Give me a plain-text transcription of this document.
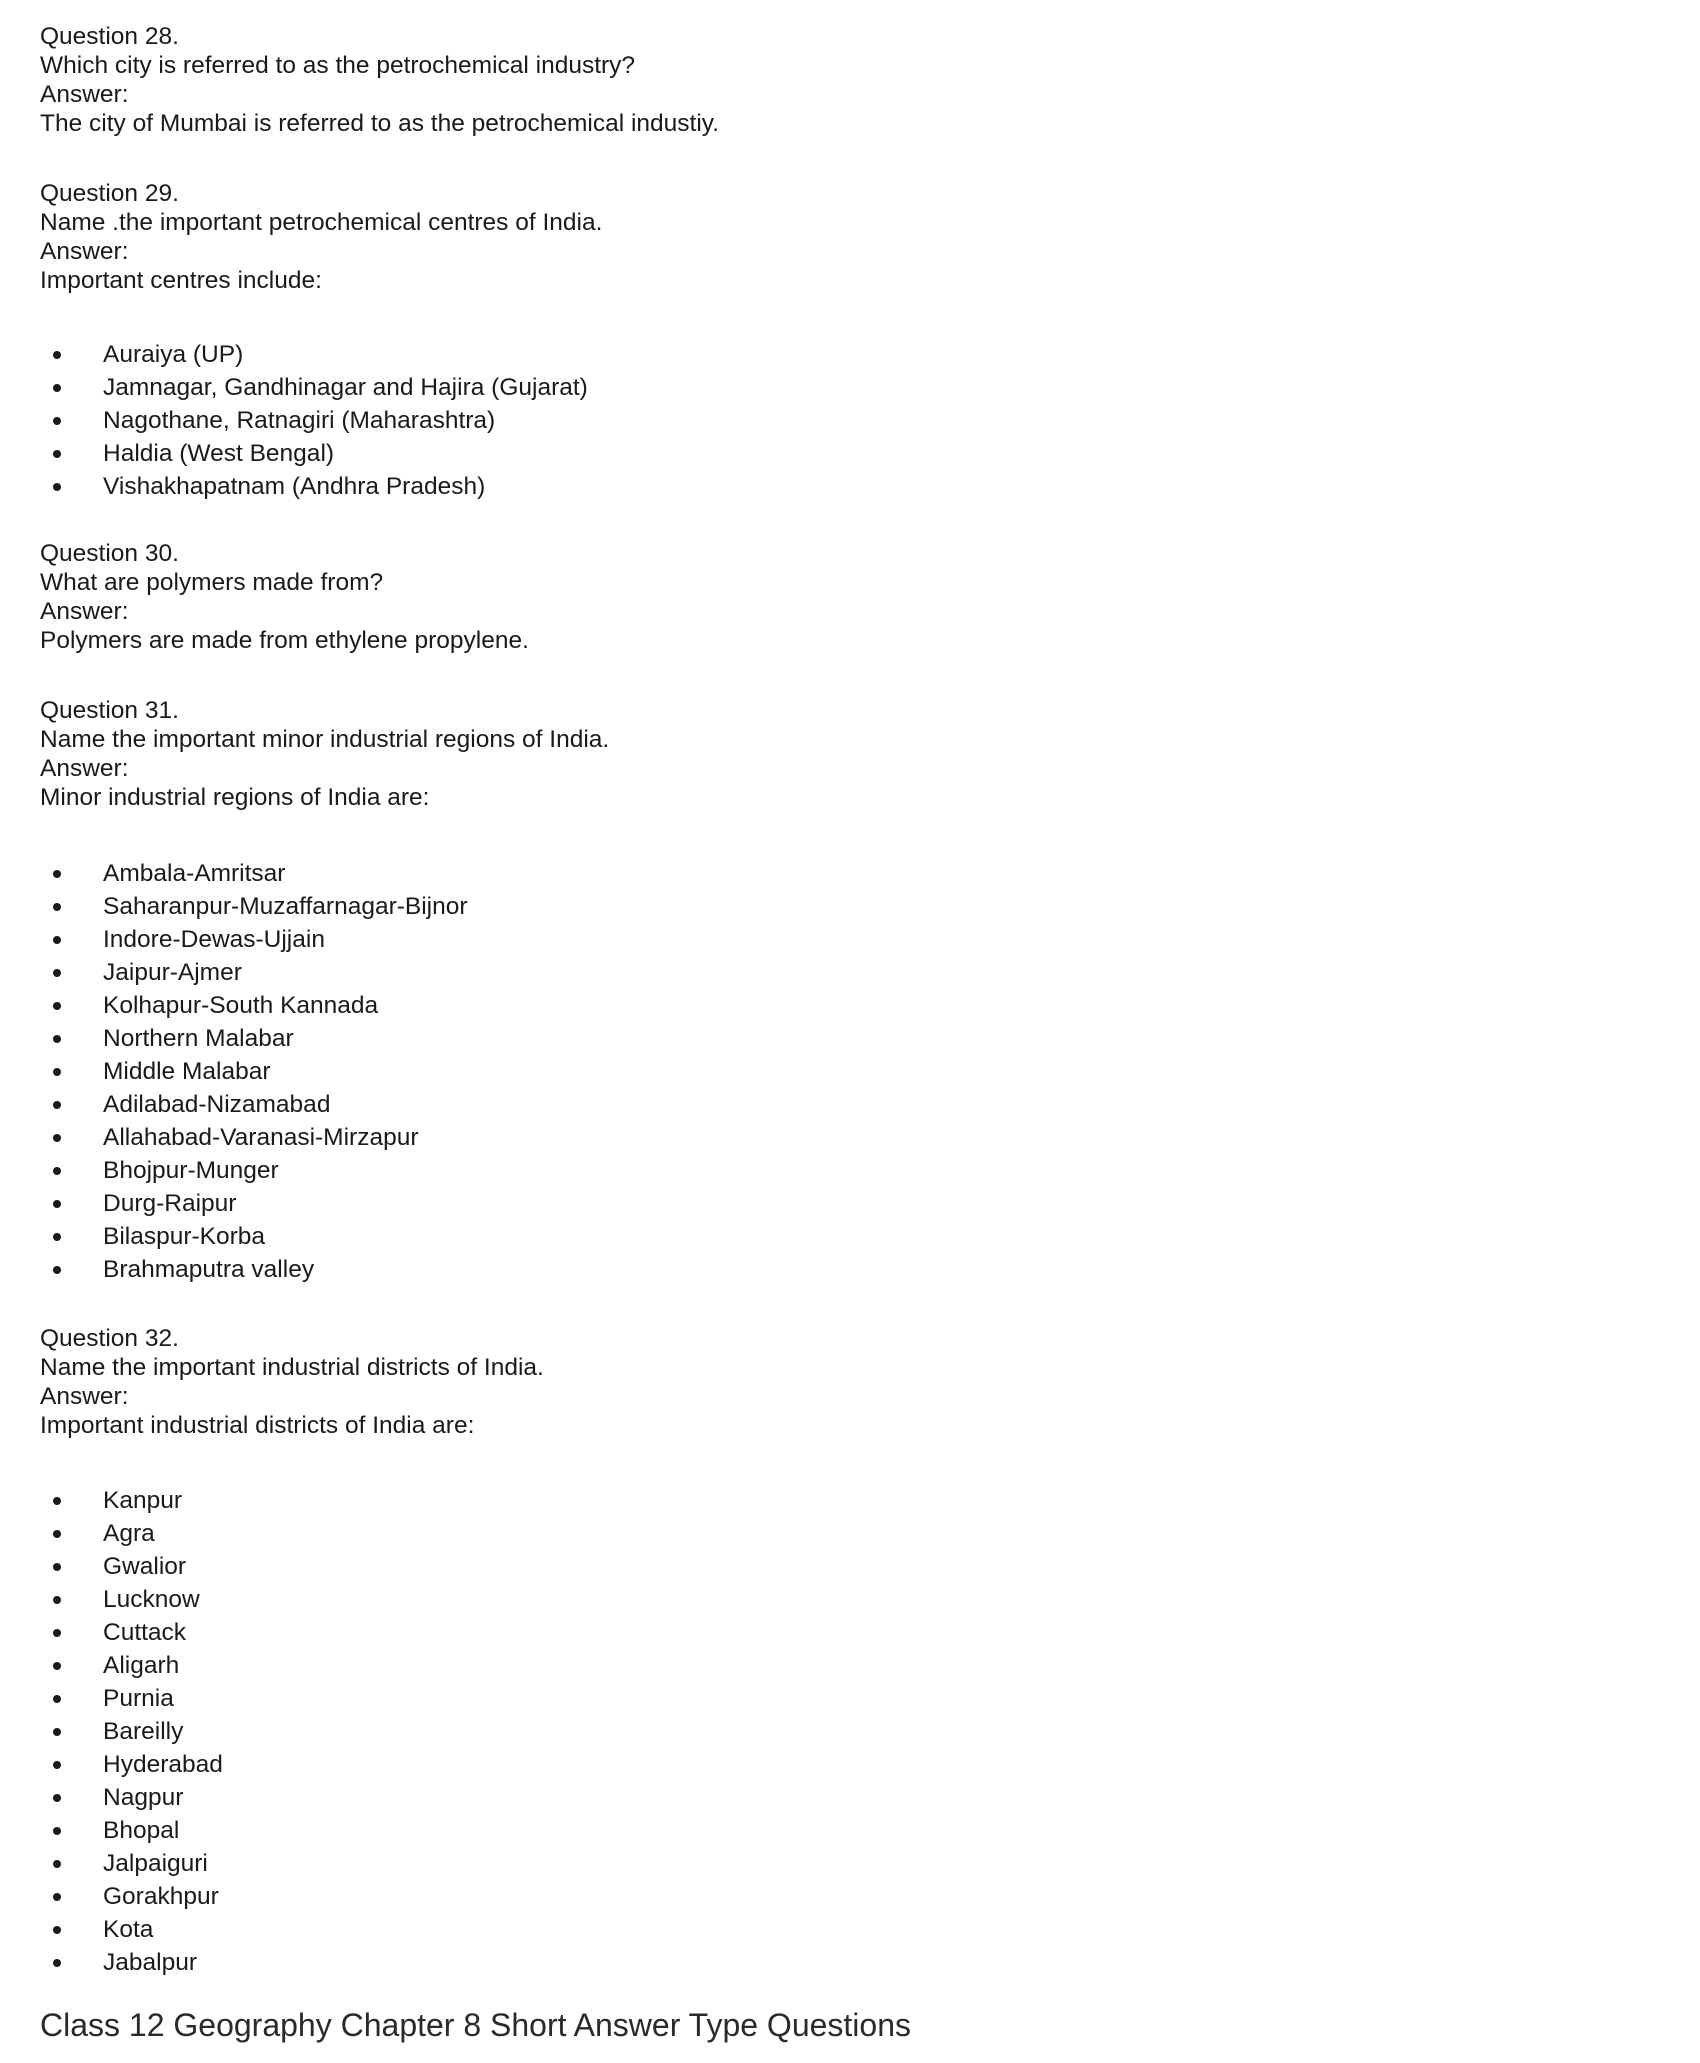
Question 28.
Which city is referred to as the petrochemical industry?
Answer:
The city of Mumbai is referred to as the petrochemical industiy.
Question 29.
Name .the important petrochemical centres of India.
Answer:
Important centres include:
Auraiya (UP)
Jamnagar, Gandhinagar and Hajira (Gujarat)
Nagothane, Ratnagiri (Maharashtra)
Haldia (West Bengal)
Vishakhapatnam (Andhra Pradesh)
Question 30.
What are polymers made from?
Answer:
Polymers are made from ethylene propylene.
Question 31.
Name the important minor industrial regions of India.
Answer:
Minor industrial regions of India are:
Ambala-Amritsar
Saharanpur-Muzaffarnagar-Bijnor
Indore-Dewas-Ujjain
Jaipur-Ajmer
Kolhapur-South Kannada
Northern Malabar
Middle Malabar
Adilabad-Nizamabad
Allahabad-Varanasi-Mirzapur
Bhojpur-Munger
Durg-Raipur
Bilaspur-Korba
Brahmaputra valley
Question 32.
Name the important industrial districts of India.
Answer:
Important industrial districts of India are:
Kanpur
Agra
Gwalior
Lucknow
Cuttack
Aligarh
Purnia
Bareilly
Hyderabad
Nagpur
Bhopal
Jalpaiguri
Gorakhpur
Kota
Jabalpur
Class 12 Geography Chapter 8 Short Answer Type Questions
